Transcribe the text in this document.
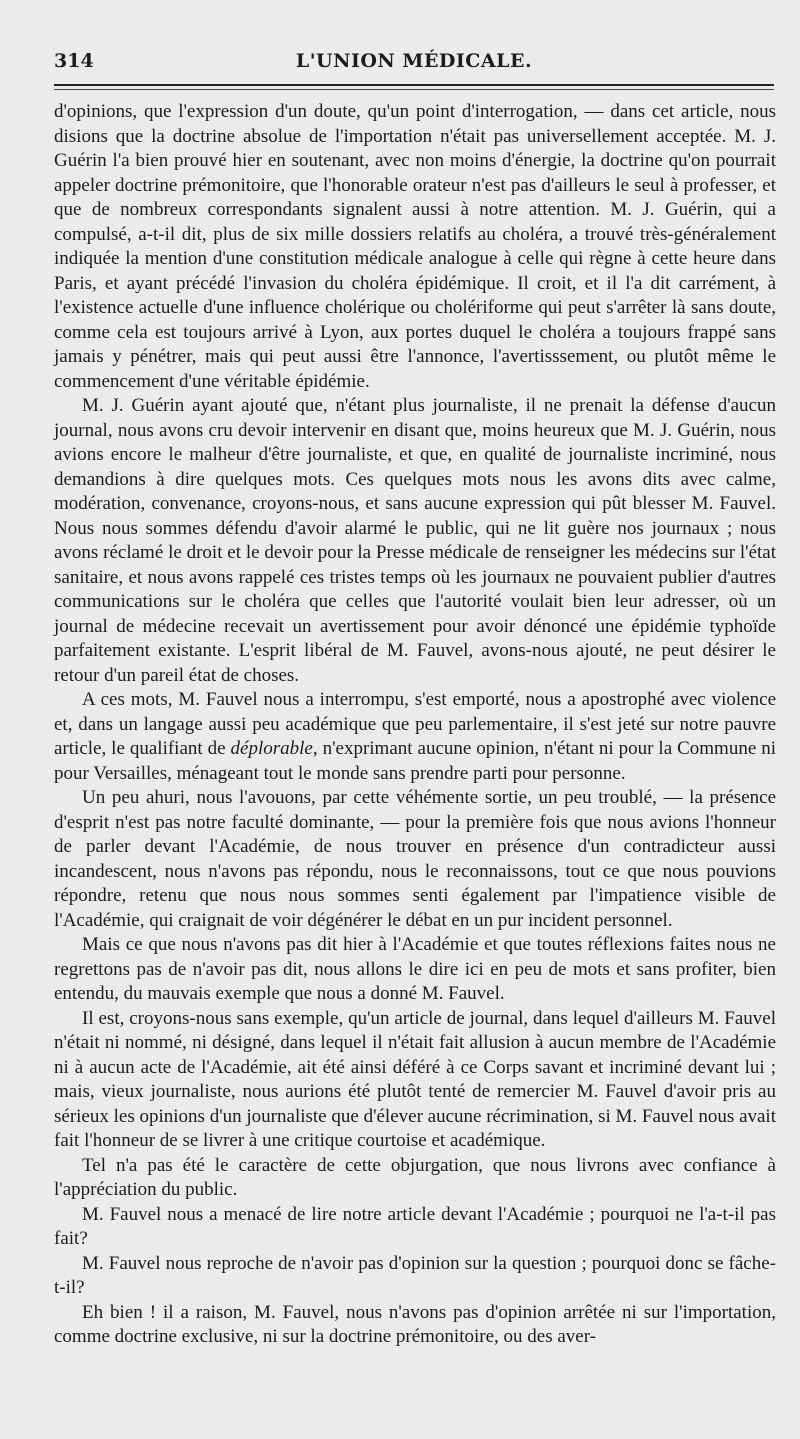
314	L'UNION MÉDICALE.

d'opinions, que l'expression d'un doute, qu'un point d'interrogation, — dans cet article, nous disions que la doctrine absolue de l'importation n'était pas universellement acceptée. M. J. Guérin l'a bien prouvé hier en soutenant, avec non moins d'énergie, la doctrine qu'on pourrait appeler doctrine prémonitoire, que l'honorable orateur n'est pas d'ailleurs le seul à professer, et que de nombreux correspondants signalent aussi à notre attention. M. J. Guérin, qui a compulsé, a-t-il dit, plus de six mille dossiers relatifs au choléra, a trouvé très-généralement indiquée la mention d'une constitution médicale analogue à celle qui règne à cette heure dans Paris, et ayant précédé l'invasion du choléra épidémique. Il croit, et il l'a dit carrément, à l'existence actuelle d'une influence cholérique ou cholériforme qui peut s'arrêter là sans doute, comme cela est toujours arrivé à Lyon, aux portes duquel le choléra a toujours frappé sans jamais y pénétrer, mais qui peut aussi être l'annonce, l'avertisssement, ou plutôt même le commencement d'une véritable épidémie.

M. J. Guérin ayant ajouté que, n'étant plus journaliste, il ne prenait la défense d'aucun journal, nous avons cru devoir intervenir en disant que, moins heureux que M. J. Guérin, nous avions encore le malheur d'être journaliste, et que, en qualité de journaliste incriminé, nous demandions à dire quelques mots. Ces quelques mots nous les avons dits avec calme, modération, convenance, croyons-nous, et sans aucune expression qui pût blesser M. Fauvel. Nous nous sommes défendu d'avoir alarmé le public, qui ne lit guère nos journaux ; nous avons réclamé le droit et le devoir pour la Presse médicale de renseigner les médecins sur l'état sanitaire, et nous avons rappelé ces tristes temps où les journaux ne pouvaient publier d'autres communications sur le choléra que celles que l'autorité voulait bien leur adresser, où un journal de médecine recevait un avertissement pour avoir dénoncé une épidémie typhoïde parfaitement existante. L'esprit libéral de M. Fauvel, avons-nous ajouté, ne peut désirer le retour d'un pareil état de choses.

A ces mots, M. Fauvel nous a interrompu, s'est emporté, nous a apostrophé avec violence et, dans un langage aussi peu académique que peu parlementaire, il s'est jeté sur notre pauvre article, le qualifiant de déplorable, n'exprimant aucune opinion, n'étant ni pour la Commune ni pour Versailles, ménageant tout le monde sans prendre parti pour personne.

Un peu ahuri, nous l'avouons, par cette véhémente sortie, un peu troublé, — la présence d'esprit n'est pas notre faculté dominante, — pour la première fois que nous avions l'honneur de parler devant l'Académie, de nous trouver en présence d'un contradicteur aussi incandescent, nous n'avons pas répondu, nous le reconnaissons, tout ce que nous pouvions répondre, retenu que nous nous sommes senti également par l'impatience visible de l'Académie, qui craignait de voir dégénérer le débat en un pur incident personnel.

Mais ce que nous n'avons pas dit hier à l'Académie et que toutes réflexions faites nous ne regrettons pas de n'avoir pas dit, nous allons le dire ici en peu de mots et sans profiter, bien entendu, du mauvais exemple que nous a donné M. Fauvel.

Il est, croyons-nous sans exemple, qu'un article de journal, dans lequel d'ailleurs M. Fauvel n'était ni nommé, ni désigné, dans lequel il n'était fait allusion à aucun membre de l'Académie ni à aucun acte de l'Académie, ait été ainsi déféré à ce Corps savant et incriminé devant lui ; mais, vieux journaliste, nous aurions été plutôt tenté de remercier M. Fauvel d'avoir pris au sérieux les opinions d'un journaliste que d'élever aucune récrimination, si M. Fauvel nous avait fait l'honneur de se livrer à une critique courtoise et académique.

Tel n'a pas été le caractère de cette objurgation, que nous livrons avec confiance à l'appréciation du public.

M. Fauvel nous a menacé de lire notre article devant l'Académie ; pourquoi ne l'a-t-il pas fait?

M. Fauvel nous reproche de n'avoir pas d'opinion sur la question ; pourquoi donc se fâche-t-il?

Eh bien ! il a raison, M. Fauvel, nous n'avons pas d'opinion arrêtée ni sur l'importation, comme doctrine exclusive, ni sur la doctrine prémonitoire, ou des aver-
